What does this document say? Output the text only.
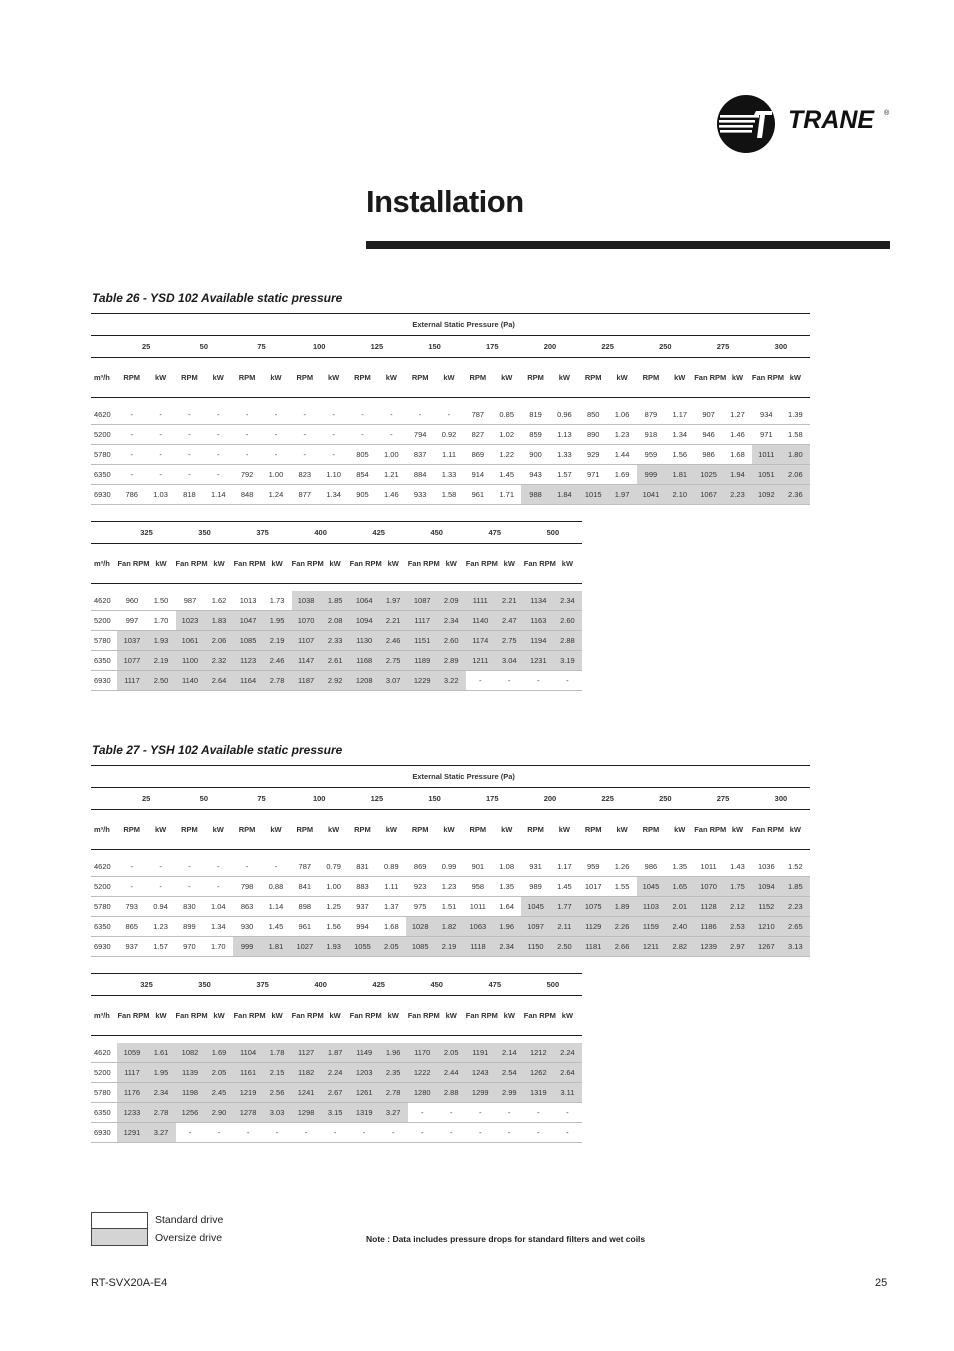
TRANE ®
Installation
Table 26 - YSD 102 Available static pressure
	External Static Pressure (Pa)																							
	25		50		75		100		125		150		175		200		225		250		275		300	
m³/h	RPM	kW	RPM	kW	RPM	kW	RPM	kW	RPM	kW	RPM	kW	RPM	kW	RPM	kW	RPM	kW	RPM	kW	Fan RPM	kW	Fan RPM	kW

4620	-	-	-	-	-	-	-	-	-	-	-	-	787	0.85	819	0.96	850	1.06	879	1.17	907	1.27	934	1.39
5200	-	-	-	-	-	-	-	-	-	-	794	0.92	827	1.02	859	1.13	890	1.23	918	1.34	946	1.46	971	1.58
5780	-	-	-	-	-	-	-	-	805	1.00	837	1.11	869	1.22	900	1.33	929	1.44	959	1.56	986	1.68	1011	1.80
6350	-	-	-	-	792	1.00	823	1.10	854	1.21	884	1.33	914	1.45	943	1.57	971	1.69	999	1.81	1025	1.94	1051	2.06
6930	786	1.03	818	1.14	848	1.24	877	1.34	905	1.46	933	1.58	961	1.71	988	1.84	1015	1.97	1041	2.10	1067	2.23	1092	2.36
	325		350		375		400		425		450		475		500	
m³/h	Fan RPM	kW	Fan RPM	kW	Fan RPM	kW	Fan RPM	kW	Fan RPM	kW	Fan RPM	kW	Fan RPM	kW	Fan RPM	kW

4620	960	1.50	987	1.62	1013	1.73	1038	1.85	1064	1.97	1087	2.09	1111	2.21	1134	2.34
5200	997	1.70	1023	1.83	1047	1.95	1070	2.08	1094	2.21	1117	2.34	1140	2.47	1163	2.60
5780	1037	1.93	1061	2.06	1085	2.19	1107	2.33	1130	2.46	1151	2.60	1174	2.75	1194	2.88
6350	1077	2.19	1100	2.32	1123	2.46	1147	2.61	1168	2.75	1189	2.89	1211	3.04	1231	3.19
6930	1117	2.50	1140	2.64	1164	2.78	1187	2.92	1208	3.07	1229	3.22	-	-	-	-
Table 27 - YSH 102 Available static pressure
	External Static Pressure (Pa)																							
	25		50		75		100		125		150		175		200		225		250		275		300	
m³/h	RPM	kW	RPM	kW	RPM	kW	RPM	kW	RPM	kW	RPM	kW	RPM	kW	RPM	kW	RPM	kW	RPM	kW	Fan RPM	kW	Fan RPM	kW

4620	-	-	-	-	-	-	787	0.79	831	0.89	869	0.99	901	1.08	931	1.17	959	1.26	986	1.35	1011	1.43	1036	1.52
5200	-	-	-	-	798	0.88	841	1.00	883	1.11	923	1.23	958	1.35	989	1.45	1017	1.55	1045	1.65	1070	1.75	1094	1.85
5780	793	0.94	830	1.04	863	1.14	898	1.25	937	1.37	975	1.51	1011	1.64	1045	1.77	1075	1.89	1103	2.01	1128	2.12	1152	2.23
6350	865	1.23	899	1.34	930	1.45	961	1.56	994	1.68	1028	1.82	1063	1.96	1097	2.11	1129	2.26	1159	2.40	1186	2.53	1210	2.65
6930	937	1.57	970	1.70	999	1.81	1027	1.93	1055	2.05	1085	2.19	1118	2.34	1150	2.50	1181	2.66	1211	2.82	1239	2.97	1267	3.13
	325		350		375		400		425		450		475		500	
m³/h	Fan RPM	kW	Fan RPM	kW	Fan RPM	kW	Fan RPM	kW	Fan RPM	kW	Fan RPM	kW	Fan RPM	kW	Fan RPM	kW

4620	1059	1.61	1082	1.69	1104	1.78	1127	1.87	1149	1.96	1170	2.05	1191	2.14	1212	2.24
5200	1117	1.95	1139	2.05	1161	2.15	1182	2.24	1203	2.35	1222	2.44	1243	2.54	1262	2.64
5780	1176	2.34	1198	2.45	1219	2.56	1241	2.67	1261	2.78	1280	2.88	1299	2.99	1319	3.11
6350	1233	2.78	1256	2.90	1278	3.03	1298	3.15	1319	3.27	-	-	-	-	-	-
6930	1291	3.27	-	-	-	-	-	-	-	-	-	-	-	-	-	-
Standard drive
Oversize drive	Note : Data includes pressure drops for standard filters and wet coils
RT-SVX20A-E4	25
